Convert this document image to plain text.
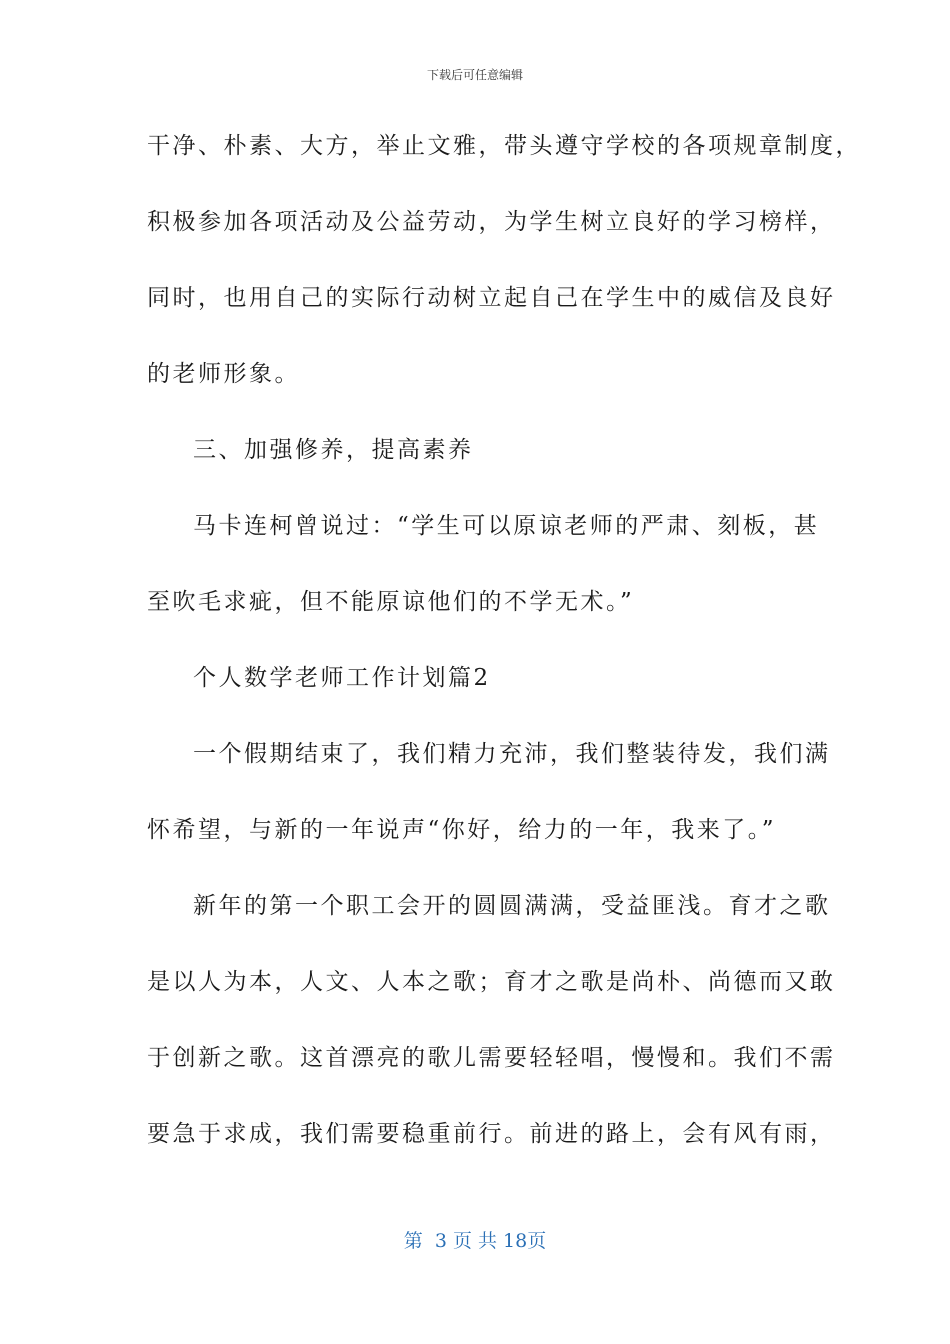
下载后可任意编辑
干净、朴素、大方，举止文雅，带头遵守学校的各项规章制度，
积极参加各项活动及公益劳动，为学生树立良好的学习榜样，
同时，也用自己的实际行动树立起自己在学生中的威信及良好
的老师形象。
三、加强修养，提高素养
马卡连柯曾说过：“学生可以原谅老师的严肃、刻板，甚
至吹毛求疵，但不能原谅他们的不学无术。”
个人数学老师工作计划篇2
一个假期结束了，我们精力充沛，我们整装待发，我们满
怀希望，与新的一年说声“你好，给力的一年，我来了。”
新年的第一个职工会开的圆圆满满，受益匪浅。育才之歌
是以人为本，人文、人本之歌；育才之歌是尚朴、尚德而又敢
于创新之歌。这首漂亮的歌儿需要轻轻唱，慢慢和。我们不需
要急于求成，我们需要稳重前行。前进的路上，会有风有雨，
第  3 页 共 18页
